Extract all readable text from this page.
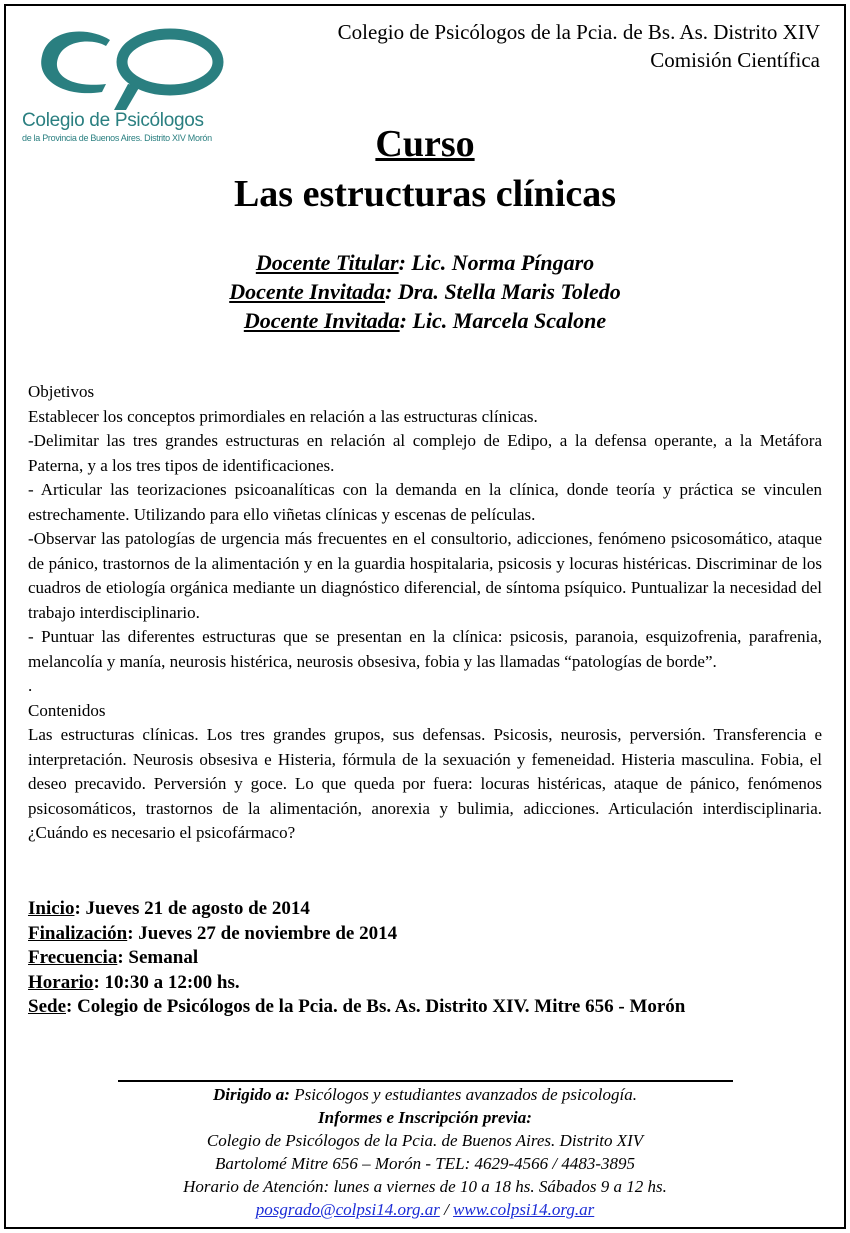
Colegio de Psicólogos
de la Provincia de Buenos Aires. Distrito XIV Morón
Colegio de Psicólogos de la Pcia. de Bs. As. Distrito XIV
Comisión Científica
Curso
Las estructuras clínicas
Docente Titular: Lic. Norma Píngaro
Docente Invitada: Dra. Stella Maris Toledo
Docente Invitada: Lic. Marcela Scalone

Objetivos

Establecer los conceptos primordiales en relación a las estructuras clínicas.

-Delimitar las tres grandes estructuras en relación al complejo de Edipo, a la defensa operante, a la Metáfora Paterna, y a los tres tipos de identificaciones.

- Articular las teorizaciones psicoanalíticas con la demanda en la clínica, donde teoría y práctica se vinculen estrechamente. Utilizando para ello viñetas clínicas y escenas de películas.

-Observar las patologías de urgencia más frecuentes en el consultorio, adicciones, fenómeno psicosomático, ataque de pánico, trastornos de la alimentación y en la guardia hospitalaria, psicosis y locuras histéricas. Discriminar de los cuadros de etiología orgánica mediante un diagnóstico diferencial, de síntoma psíquico. Puntualizar la necesidad del trabajo interdisciplinario.

- Puntuar las diferentes estructuras que se presentan en la clínica: psicosis, paranoia, esquizofrenia, parafrenia, melancolía y manía, neurosis histérica, neurosis obsesiva, fobia y las llamadas “patologías de borde”.

.

Contenidos

Las estructuras clínicas. Los tres grandes grupos, sus defensas. Psicosis, neurosis, perversión. Transferencia e interpretación. Neurosis obsesiva e Histeria, fórmula de la sexuación y femeneidad. Histeria masculina. Fobia, el deseo precavido. Perversión y goce. Lo que queda por fuera: locuras histéricas, ataque de pánico, fenómenos psicosomáticos, trastornos de la alimentación, anorexia y bulimia, adicciones. Articulación interdisciplinaria. ¿Cuándo es necesario el psicofármaco?

Inicio: Jueves 21 de agosto de 2014
Finalización: Jueves 27 de noviembre de 2014
Frecuencia: Semanal
Horario: 10:30 a 12:00 hs.
Sede: Colegio de Psicólogos de la Pcia. de Bs. As. Distrito XIV. Mitre 656 - Morón
Dirigido a: Psicólogos y estudiantes avanzados de psicología.
Informes e Inscripción previa:
Colegio de Psicólogos de la Pcia. de Buenos Aires. Distrito XIV
Bartolomé Mitre 656 – Morón - TEL: 4629-4566 / 4483-3895
Horario de Atención: lunes a viernes de 10 a 18 hs. Sábados 9 a 12 hs.
posgrado@colpsi14.org.ar / www.colpsi14.org.ar
